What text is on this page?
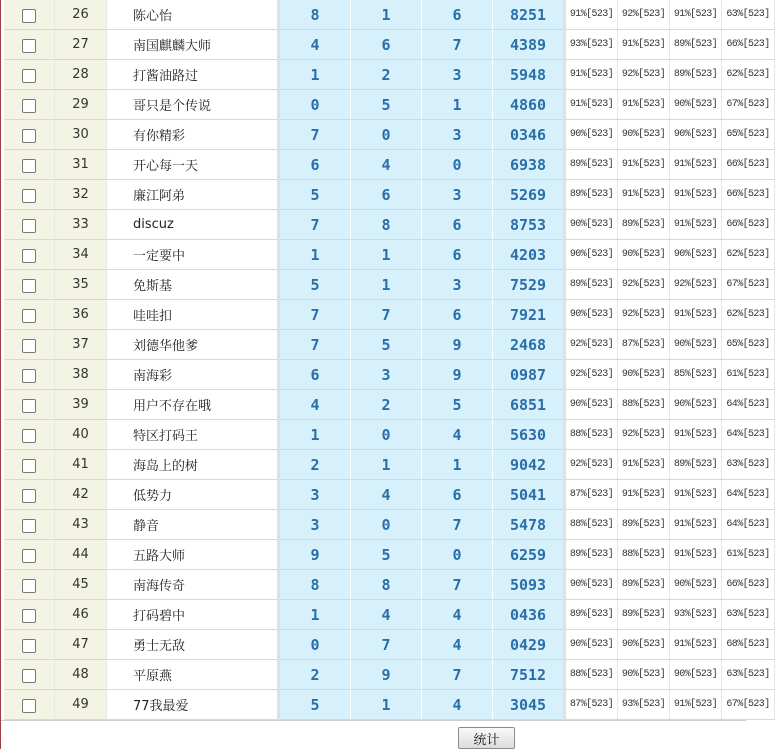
	26	陈心怡	8	1	6	8251	91%[523]	92%[523]	91%[523]	63%[523]
	27	南国麒麟大师	4	6	7	4389	93%[523]	91%[523]	89%[523]	66%[523]
	28	打酱油路过	1	2	3	5948	91%[523]	92%[523]	89%[523]	62%[523]
	29	哥只是个传说	0	5	1	4860	91%[523]	91%[523]	90%[523]	67%[523]
	30	有你精彩	7	0	3	0346	90%[523]	90%[523]	90%[523]	65%[523]
	31	开心每一天	6	4	0	6938	89%[523]	91%[523]	91%[523]	66%[523]
	32	廉江阿弟	5	6	3	5269	89%[523]	91%[523]	91%[523]	66%[523]
	33	discuz	7	8	6	8753	90%[523]	89%[523]	91%[523]	66%[523]
	34	一定要中	1	1	6	4203	90%[523]	90%[523]	90%[523]	62%[523]
	35	免斯基	5	1	3	7529	89%[523]	92%[523]	92%[523]	67%[523]
	36	哇哇扣	7	7	6	7921	90%[523]	92%[523]	91%[523]	62%[523]
	37	刘德华他爹	7	5	9	2468	92%[523]	87%[523]	90%[523]	65%[523]
	38	南海彩	6	3	9	0987	92%[523]	90%[523]	85%[523]	61%[523]
	39	用户不存在哦	4	2	5	6851	90%[523]	88%[523]	90%[523]	64%[523]
	40	特区打码王	1	0	4	5630	88%[523]	92%[523]	91%[523]	64%[523]
	41	海岛上的树	2	1	1	9042	92%[523]	91%[523]	89%[523]	63%[523]
	42	低势力	3	4	6	5041	87%[523]	91%[523]	91%[523]	64%[523]
	43	静音	3	0	7	5478	88%[523]	89%[523]	91%[523]	64%[523]
	44	五路大师	9	5	0	6259	89%[523]	88%[523]	91%[523]	61%[523]
	45	南海传奇	8	8	7	5093	90%[523]	89%[523]	90%[523]	66%[523]
	46	打码碧中	1	4	4	0436	89%[523]	89%[523]	93%[523]	63%[523]
	47	勇士无敌	0	7	4	0429	90%[523]	90%[523]	91%[523]	68%[523]
	48	平原燕	2	9	7	7512	88%[523]	90%[523]	90%[523]	63%[523]
	49	77我最爱	5	1	4	3045	87%[523]	93%[523]	91%[523]	67%[523]
统计
